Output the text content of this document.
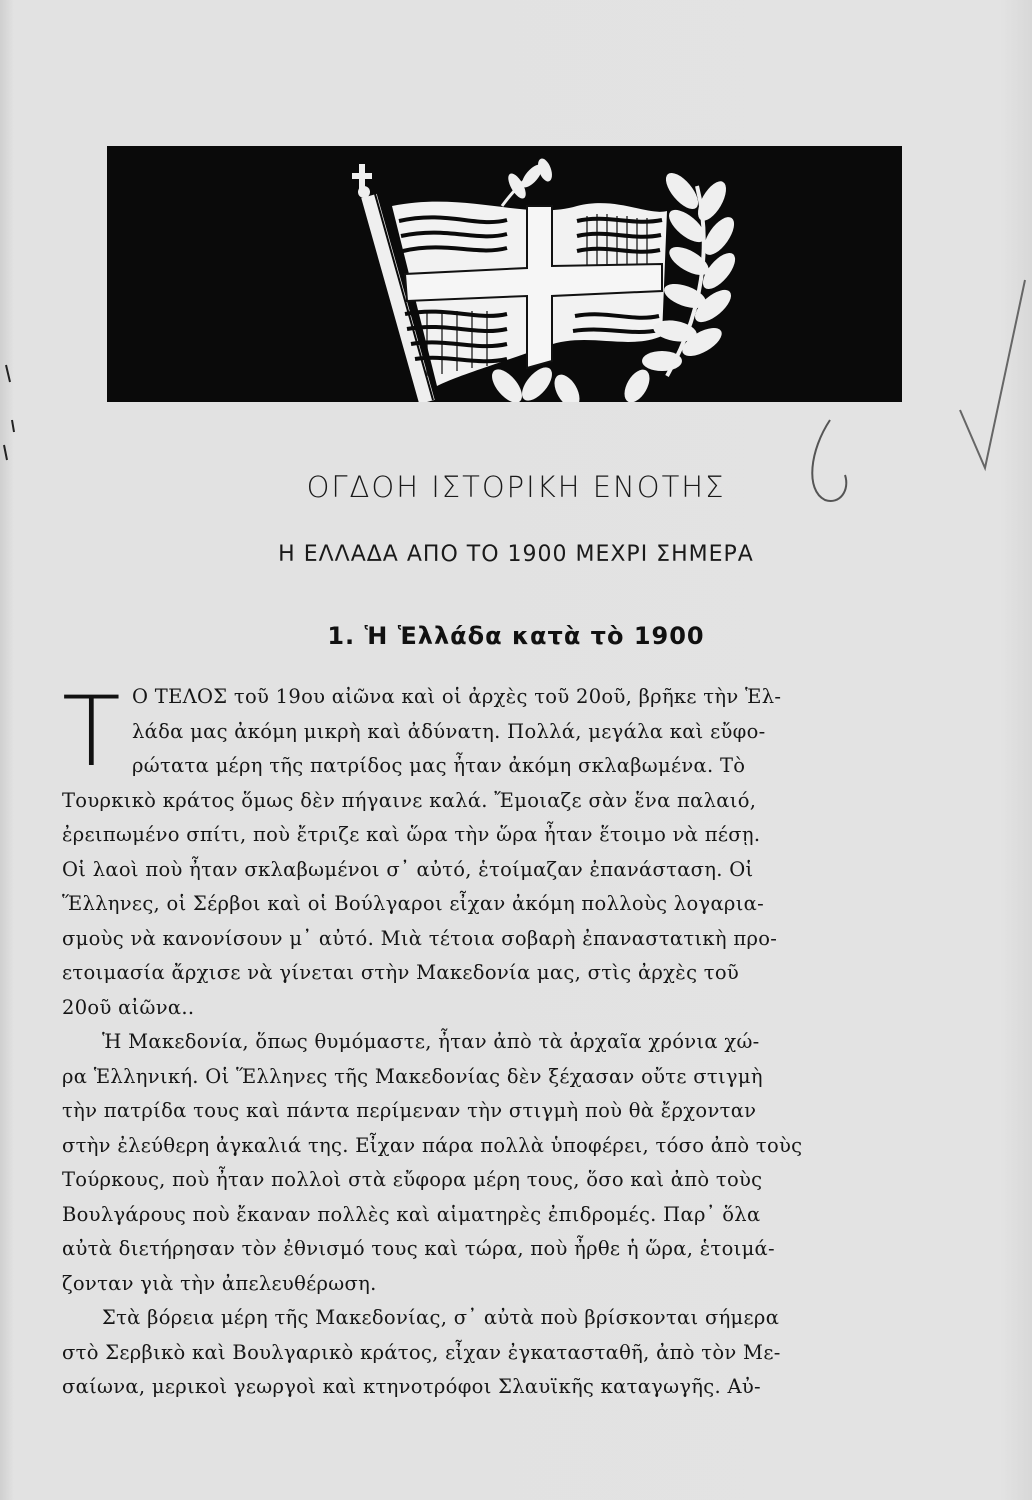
ΟΓΔΟΗ ΙΣΤΟΡΙΚΗ ΕΝΟΤΗΣ
Η ΕΛΛΑΔΑ ΑΠΟ ΤΟ 1900 ΜΕΧΡΙ ΣΗΜΕΡΑ
1. Ἡ Ἑλλάδα κατὰ τὸ 1900
Τ Ο ΤΕΛΟΣ τοῦ 19ου αἰῶνα καὶ οἱ ἀρχὲς τοῦ 20οῦ, βρῆκε τὴν Ἑλ-
λάδα μας ἀκόμη μικρὴ καὶ ἀδύνατη. Πολλά, μεγάλα καὶ εὔφο-
ρώτατα μέρη τῆς πατρίδος μας ἦταν ἀκόμη σκλαβωμένα. Τὸ
Τουρκικὸ κράτος ὅμως δὲν πήγαινε καλά. Ἔμοιαζε σὰν ἕνα παλαιό,
ἐρειπωμένο σπίτι, ποὺ ἔτριζε καὶ ὥρα τὴν ὥρα ἦταν ἕτοιμο νὰ πέσῃ.
Οἱ λαοὶ ποὺ ἦταν σκλαβωμένοι σ᾿ αὐτό, ἑτοίμαζαν ἐπανάσταση. Οἱ
Ἕλληνες, οἱ Σέρβοι καὶ οἱ Βούλγαροι εἶχαν ἀκόμη πολλοὺς λογαρια-
σμοὺς νὰ κανονίσουν μ᾿ αὐτό. Μιὰ τέτοια σοβαρὴ ἐπαναστατικὴ προ-
ετοιμασία ἄρχισε νὰ γίνεται στὴν Μακεδονία μας, στὶς ἀρχὲς τοῦ
20οῦ αἰῶνα..
Ἡ Μακεδονία, ὅπως θυμόμαστε, ἦταν ἀπὸ τὰ ἀρχαῖα χρόνια χώ-
ρα Ἑλληνική. Οἱ Ἕλληνες τῆς Μακεδονίας δὲν ξέχασαν οὔτε στιγμὴ
τὴν πατρίδα τους καὶ πάντα περίμεναν τὴν στιγμὴ ποὺ θὰ ἔρχονταν
στὴν ἐλεύθερη ἀγκαλιά της. Εἶχαν πάρα πολλὰ ὑποφέρει, τόσο ἀπὸ τοὺς
Τούρκους, ποὺ ἦταν πολλοὶ στὰ εὔφορα μέρη τους, ὅσο καὶ ἀπὸ τοὺς
Βουλγάρους ποὺ ἔκαναν πολλὲς καὶ αἱματηρὲς ἐπιδρομές. Παρ᾿ ὅλα
αὐτὰ διετήρησαν τὸν ἐθνισμό τους καὶ τώρα, ποὺ ἦρθε ἡ ὥρα, ἑτοιμά-
ζονταν γιὰ τὴν ἀπελευθέρωση.
Στὰ βόρεια μέρη τῆς Μακεδονίας, σ᾿ αὐτὰ ποὺ βρίσκονται σήμερα
στὸ Σερβικὸ καὶ Βουλγαρικὸ κράτος, εἶχαν ἐγκατασταθῆ, ἀπὸ τὸν Με-
σαίωνα, μερικοὶ γεωργοὶ καὶ κτηνοτρόφοι Σλαυϊκῆς καταγωγῆς. Αὐ-
